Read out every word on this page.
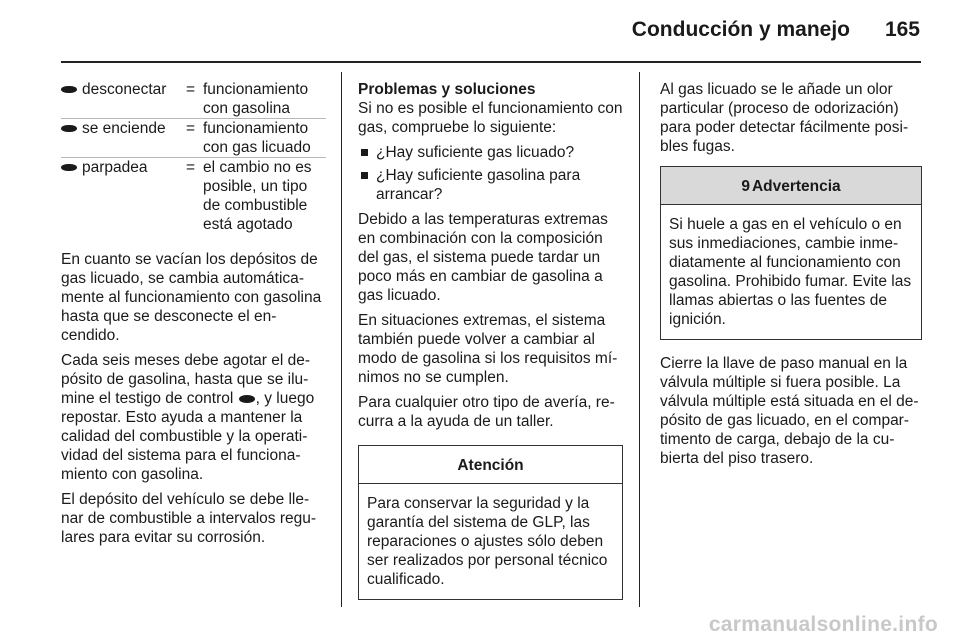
Conducción y manejo 165
desconectar = funcionamiento con gasolina
se enciende = funcionamiento con gas licuado
parpadea = el cambio no es posible, un tipo de combustible está agotado

En cuanto se vacían los depósitos de gas licuado, se cambia automáticamente al funcionamiento con gasolina hasta que se desconecte el encendido.

Cada seis meses debe agotar el depósito de gasolina, hasta que se ilumine el testigo de control , y luego repostar. Esto ayuda a mantener la calidad del combustible y la operatividad del sistema para el funcionamiento con gasolina.

El depósito del vehículo se debe llenar de combustible a intervalos regulares para evitar su corrosión.

Problemas y soluciones

Si no es posible el funcionamiento con gas, compruebe lo siguiente:

¿Hay suficiente gas licuado?
¿Hay suficiente gasolina para arrancar?

Debido a las temperaturas extremas en combinación con la composición del gas, el sistema puede tardar un poco más en cambiar de gasolina a gas licuado.

En situaciones extremas, el sistema también puede volver a cambiar al modo de gasolina si los requisitos mínimos no se cumplen.

Para cualquier otro tipo de avería, recurra a la ayuda de un taller.

Atención
Para conservar la seguridad y la garantía del sistema de GLP, las reparaciones o ajustes sólo deben ser realizados por personal técnico cualificado.

Al gas licuado se le añade un olor particular (proceso de odorización) para poder detectar fácilmente posibles fugas.

9 Advertencia
Si huele a gas en el vehículo o en sus inmediaciones, cambie inmediatamente al funcionamiento con gasolina. Prohibido fumar. Evite las llamas abiertas o las fuentes de ignición.

Cierre la llave de paso manual en la válvula múltiple si fuera posible. La válvula múltiple está situada en el depósito de gas licuado, en el compartimento de carga, debajo de la cubierta del piso trasero.

carmanualsonline.info
